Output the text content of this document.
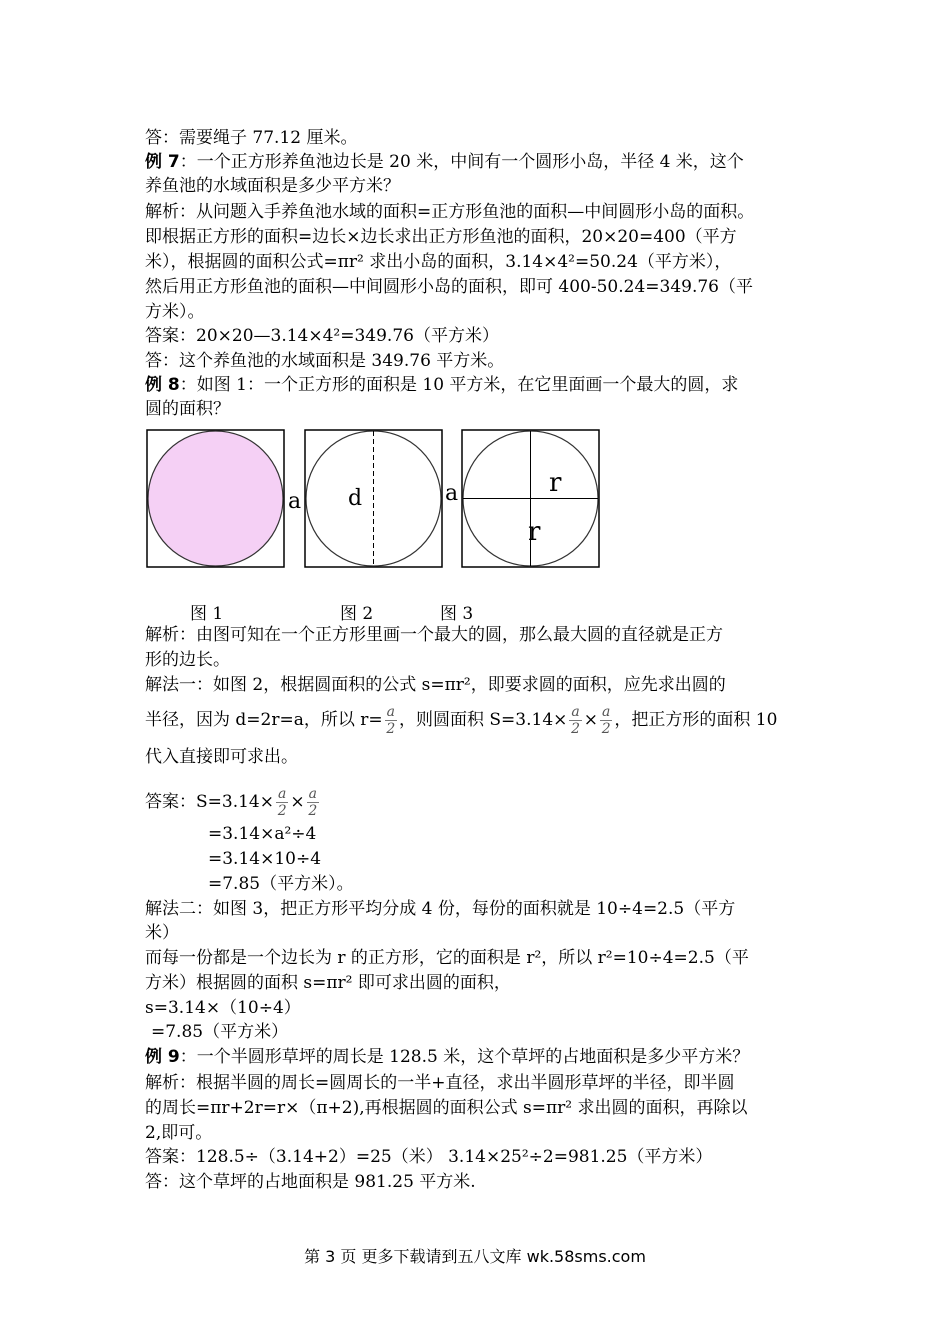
答：需要绳子 77.12 厘米。
例 7：一个正方形养鱼池边长是 20 米，中间有一个圆形小岛，半径 4 米，这个
养鱼池的水域面积是多少平方米？
解析：从问题入手养鱼池水域的面积=正方形鱼池的面积—中间圆形小岛的面积。
即根据正方形的面积=边长×边长求出正方形鱼池的面积，20×20=400（平方
米），根据圆的面积公式=πr² 求出小岛的面积，3.14×4²=50.24（平方米），
然后用正方形鱼池的面积—中间圆形小岛的面积，即可 400-50.24=349.76（平
方米）。
答案：20×20—3.14×4²=349.76（平方米）
答：这个养鱼池的水域面积是 349.76 平方米。
例 8：如图 1：一个正方形的面积是 10 平方米，在它里面画一个最大的圆，求
圆的面积？
a d	a	r
r
图 1	图 2	图 3
解析：由图可知在一个正方形里画一个最大的圆，那么最大圆的直径就是正方
形的边长。
解法一：如图 2，根据圆面积的公式 s=πr²，即要求圆的面积，应先求出圆的
半径，因为 d=2r=a，所以 $r= \frac{a}{2}$ ，则圆面积 $S=3.14\times \frac{a}{2} \times \frac{a}{2}$ ，把正方形的面积 10
代入直接即可求出。
答案：$S=3.14\times \frac{a}{2} \times \frac{a}{2}$
=3.14×a²÷4
=3.14×10÷4
=7.85（平方米）。
解法二：如图 3，把正方形平均分成 4 份，每份的面积就是 10÷4=2.5（平方
米）
而每一份都是一个边长为 r 的正方形，它的面积是 r²，所以 r²=10÷4=2.5（平
方米）根据圆的面积 s=πr² 即可求出圆的面积，
s=3.14×（10÷4）
=7.85（平方米）
例 9：一个半圆形草坪的周长是 128.5 米，这个草坪的占地面积是多少平方米？
解析：根据半圆的周长=圆周长的一半+直径，求出半圆形草坪的半径，即半圆
的周长=πr+2r=r×（π+2),再根据圆的面积公式 s=πr² 求出圆的面积，再除以
2,即可。
答案：128.5÷（3.14+2）=25（米） 3.14×25²÷2=981.25（平方米）
答：这个草坪的占地面积是 981.25 平方米.
第 3 页 更多下载请到五八文库 wk.58sms.com
